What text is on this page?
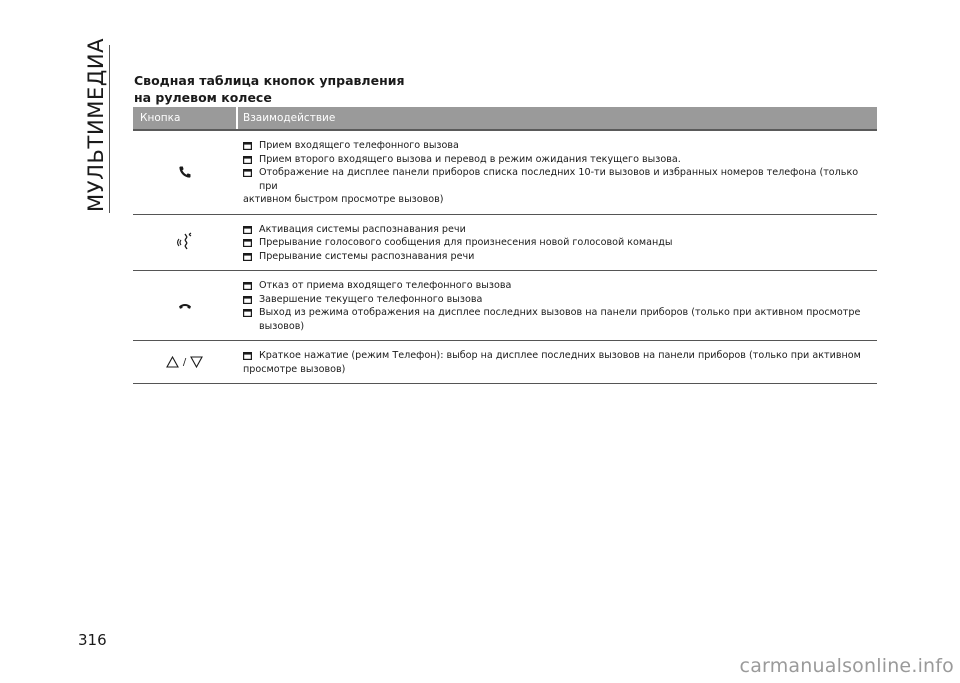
МУЛЬТИМЕДИА Сводная таблица кнопок управления
на рулевом колесе
Кнопка	Взаимодействие
Прием входящего телефонного вызова
Прием второго входящего вызова и перевод в режим ожидания текущего вызова.
Отображение на дисплее панели приборов списка последних 10-ти вызовов и избранных номеров телефона (только при
активном быстром просмотре вызовов)
Активация системы распознавания речи
Прерывание голосового сообщения для произнесения новой голосовой команды
Прерывание системы распознавания речи
Отказ от приема входящего телефонного вызова
Завершение текущего телефонного вызова
Выход из режима отображения на дисплее последних вызовов на панели приборов (только при активном просмотре вызовов)
/
Краткое нажатие (режим Телефон): выбор на дисплее последних вызовов на панели приборов (только при активном
просмотре вызовов)
316
carmanualsonline.info
